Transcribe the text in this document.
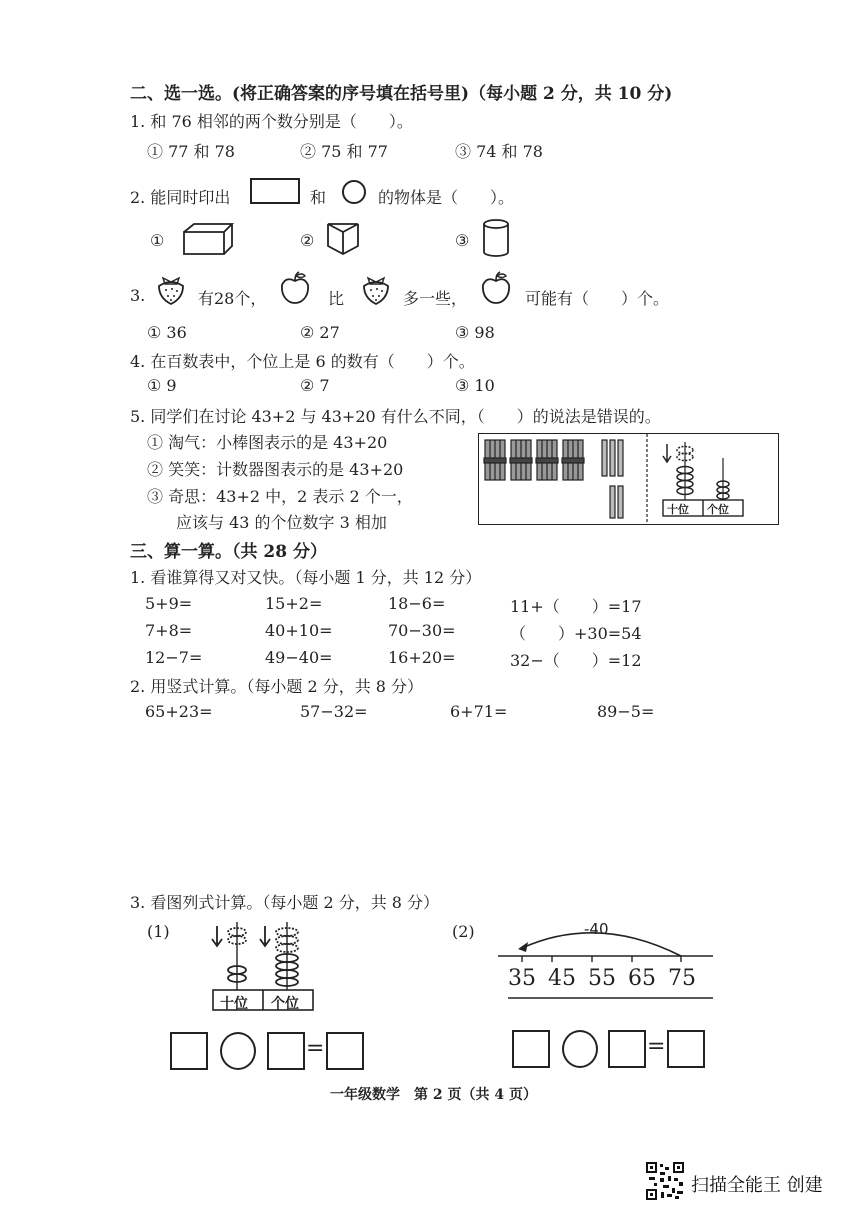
二、选一选。(将正确答案的序号填在括号里)（每小题 2 分，共 10 分)
1. 和 76 相邻的两个数分别是（　　）。
① 77 和 78	② 75 和 77	③ 74 和 78
2. 能同时印出	和	的物体是（　　）。
①	②	③
3.	有28个，	比	多一些，	可能有（　　）个。
① 36	② 27	③ 98
4. 在百数表中，个位上是 6 的数有（　　）个。
① 9	② 7	③ 10
5. 同学们在讨论 43+2 与 43+20 有什么不同，（　　）的说法是错误的。
① 淘气：小棒图表示的是 43+20
② 笑笑：计数器图表示的是 43+20
③ 奇思：43+2 中，2 表示 2 个一，
应该与 43 的个位数字 3 相加
十位 个位
三、算一算。（共 28 分）
1. 看谁算得又对又快。（每小题 1 分，共 12 分）
5+9=	15+2=	18−6=	11+（　　）=17
7+8=	40+10=	70−30=	（　　）+30=54
12−7=	49−40=	16+20=	32−（　　）=12
2. 用竖式计算。（每小题 2 分，共 8 分）
65+23=	57−32=	6+71=	89−5=
3. 看图列式计算。（每小题 2 分，共 8 分）
(1)	(2)
十位 个位
-40
35 45 55 65 75
=	=
一年级数学　第 2 页（共 4 页）
扫描全能王 创建
